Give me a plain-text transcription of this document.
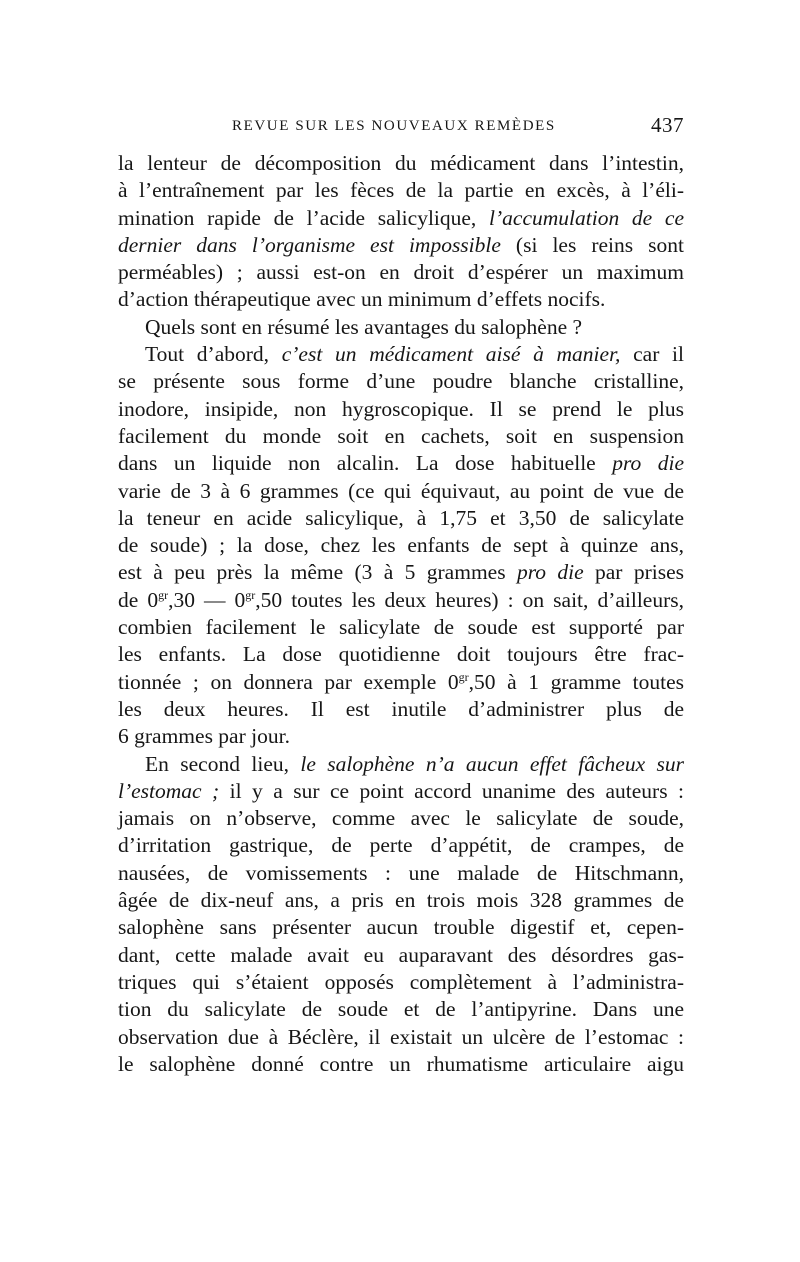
REVUE SUR LES NOUVEAUX REMÈDES	437
la lenteur de décomposition du médicament dans l’intestin,
à l’entraînement par les fèces de la partie en excès, à l’éli-
mination rapide de l’acide salicylique, l’accumulation de ce
dernier dans l’organisme est impossible (si les reins sont
perméables) ; aussi est-on en droit d’espérer un maximum
d’action thérapeutique avec un minimum d’effets nocifs.
Quels sont en résumé les avantages du salophène ?
Tout d’abord, c’est un médicament aisé à manier, car il
se présente sous forme d’une poudre blanche cristalline,
inodore, insipide, non hygroscopique. Il se prend le plus
facilement du monde soit en cachets, soit en suspension
dans un liquide non alcalin. La dose habituelle pro die
varie de 3 à 6 grammes (ce qui équivaut, au point de vue de
la teneur en acide salicylique, à 1,75 et 3,50 de salicylate
de soude) ; la dose, chez les enfants de sept à quinze ans,
est à peu près la même (3 à 5 grammes pro die par prises
de $0^{gr},30$ — $0^{gr},50$ toutes les deux heures) : on sait, d’ailleurs,
combien facilement le salicylate de soude est supporté par
les enfants. La dose quotidienne doit toujours être frac-
tionnée ; on donnera par exemple $0^{gr},50$ à 1 gramme toutes
les deux heures. Il est inutile d’administrer plus de
6 grammes par jour.
En second lieu, le salophène n’a aucun effet fâcheux sur
l’estomac ; il y a sur ce point accord unanime des auteurs :
jamais on n’observe, comme avec le salicylate de soude,
d’irritation gastrique, de perte d’appétit, de crampes, de
nausées, de vomissements : une malade de Hitschmann,
âgée de dix-neuf ans, a pris en trois mois 328 grammes de
salophène sans présenter aucun trouble digestif et, cepen-
dant, cette malade avait eu auparavant des désordres gas-
triques qui s’étaient opposés complètement à l’administra-
tion du salicylate de soude et de l’antipyrine. Dans une
observation due à Béclère, il existait un ulcère de l’estomac :
le salophène donné contre un rhumatisme articulaire aigu
